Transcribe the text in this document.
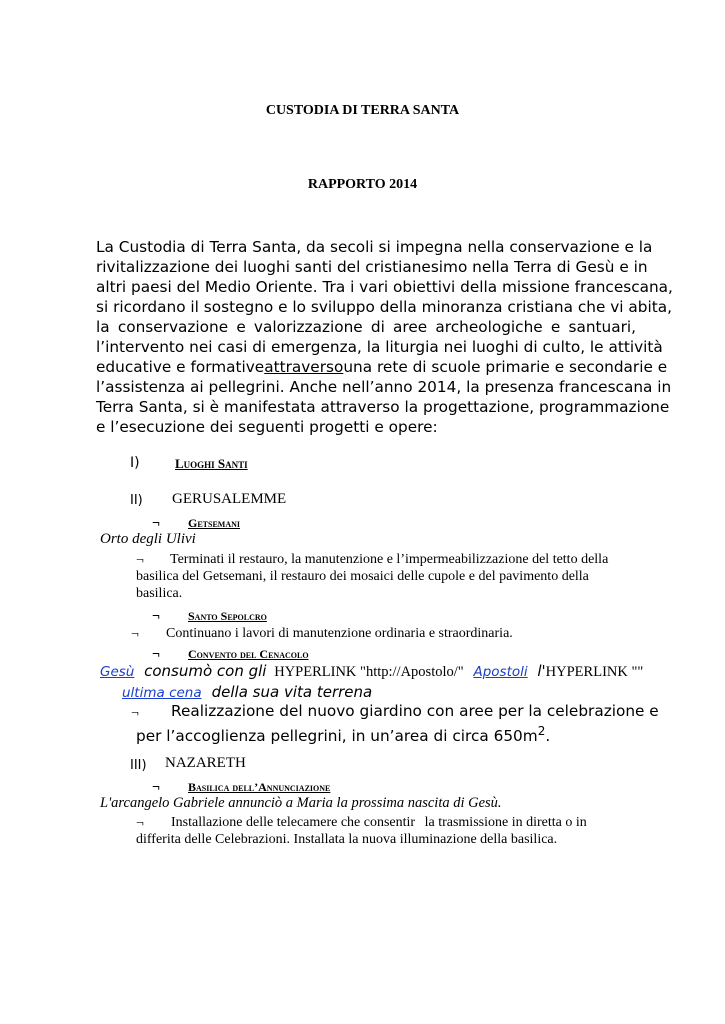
CUSTODIA DI TERRA SANTA
RAPPORTO 2014
La Custodia di Terra Santa, da secoli si impegna nella conservazione e la
rivitalizzazione dei luoghi santi del cristianesimo nella Terra di Gesù e in
altri paesi del Medio Oriente. Tra i vari obiettivi della missione francescana,
si ricordano il sostegno e lo sviluppo della minoranza cristiana che vi abita,
la conservazione e valorizzazione di aree archeologiche e santuari,
l’intervento nei casi di emergenza, la liturgia nei luoghi di culto, le attività
educative e formative attraverso una rete di scuole primarie e secondarie e
l’assistenza ai pellegrini. Anche nell’anno 2014, la presenza francescana in
Terra Santa, si è manifestata attraverso la progettazione, programmazione
e l’esecuzione dei seguenti progetti e opere:
I)	Luoghi Santi
II) GERUSALEMME
¬ Getsemani
Orto degli Ulivi
¬ Terminati il restauro, la manutenzione e l’impermeabilizzazione del tetto della
basilica del Getsemani, il restauro dei mosaici delle cupole e del pavimento della
basilica.
¬ Santo Sepolcro
¬ Continuano i lavori di manutenzione ordinaria e straordinaria.
¬ Convento del Cenacolo
Gesù consumò con gli HYPERLINK "http://Apostolo/" Apostoli l'HYPERLINK ""
ultima cena della sua vita terrena
¬ Realizzazione del nuovo giardino con aree per la celebrazione e
per l’accoglienza pellegrini, in un’area di circa $650m^2$.
III) NAZARETH
¬ Basilica dell’Annunciazione
L'arcangelo Gabriele annunciò a Maria la prossima nascita di Gesù.
¬ Installazione delle telecamere che consentir la trasmissione in diretta o in
differita delle Celebrazioni. Installata la nuova illuminazione della basilica.
